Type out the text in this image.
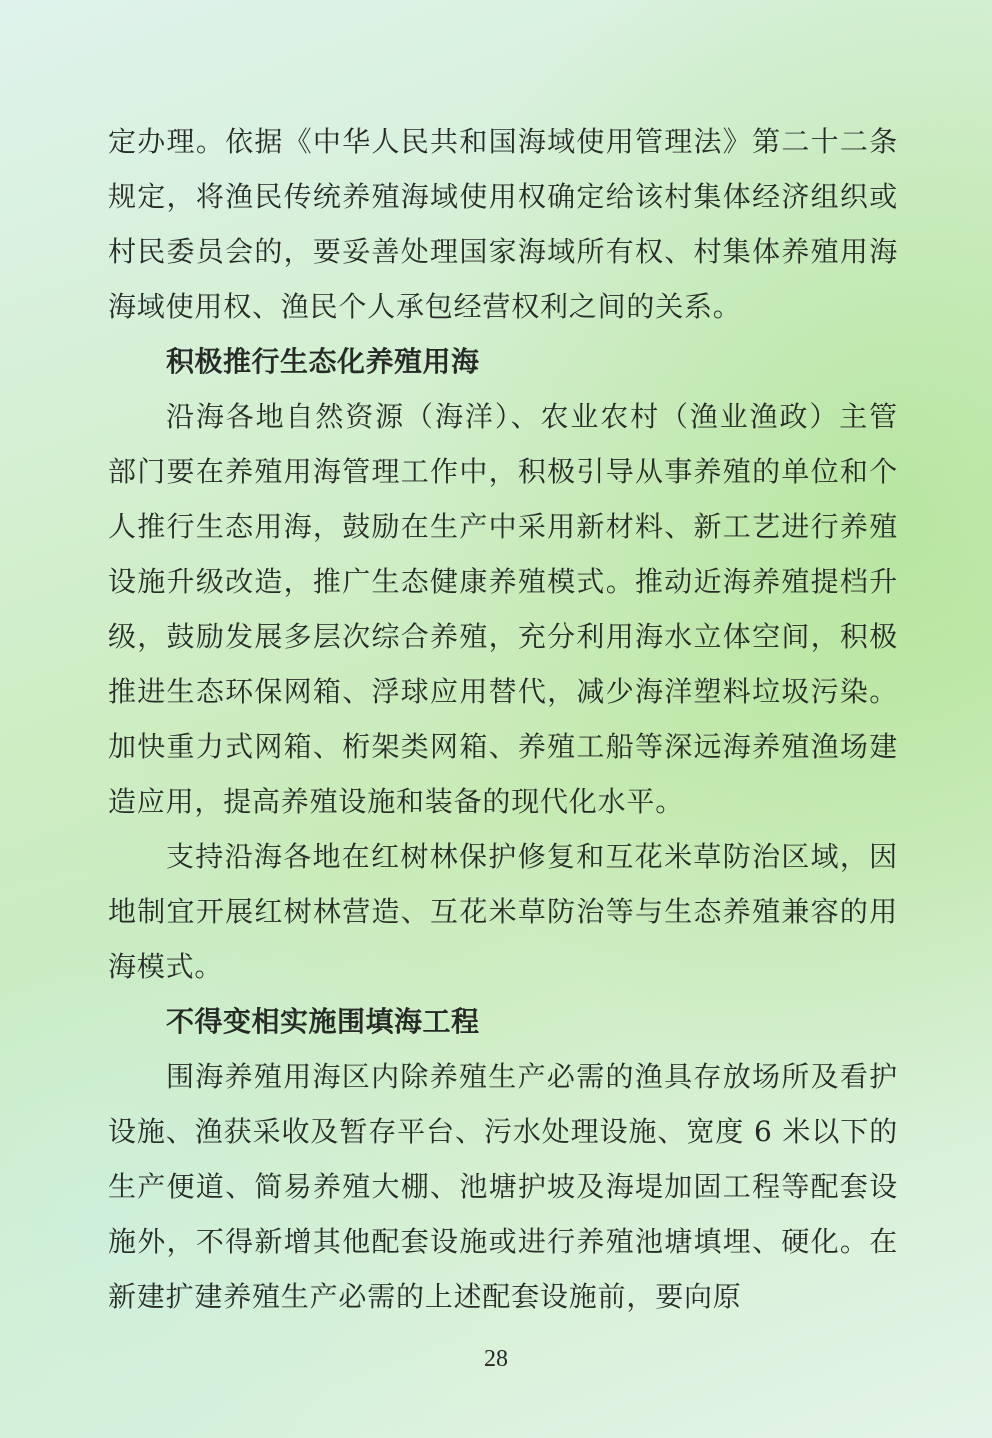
定办理。依据《中华人民共和国海域使用管理法》第二十二条规定，将渔民传统养殖海域使用权确定给该村集体经济组织或村民委员会的，要妥善处理国家海域所有权、村集体养殖用海海域使用权、渔民个人承包经营权利之间的关系。

积极推行生态化养殖用海

沿海各地自然资源（海洋）、农业农村（渔业渔政）主管部门要在养殖用海管理工作中，积极引导从事养殖的单位和个人推行生态用海，鼓励在生产中采用新材料、新工艺进行养殖设施升级改造，推广生态健康养殖模式。推动近海养殖提档升级，鼓励发展多层次综合养殖，充分利用海水立体空间，积极推进生态环保网箱、浮球应用替代，减少海洋塑料垃圾污染。加快重力式网箱、桁架类网箱、养殖工船等深远海养殖渔场建造应用，提高养殖设施和装备的现代化水平。

支持沿海各地在红树林保护修复和互花米草防治区域，因地制宜开展红树林营造、互花米草防治等与生态养殖兼容的用海模式。

不得变相实施围填海工程

围海养殖用海区内除养殖生产必需的渔具存放场所及看护设施、渔获采收及暂存平台、污水处理设施、宽度 6 米以下的生产便道、简易养殖大棚、池塘护坡及海堤加固工程等配套设施外，不得新增其他配套设施或进行养殖池塘填埋、硬化。在新建扩建养殖生产必需的上述配套设施前，要向原

28
